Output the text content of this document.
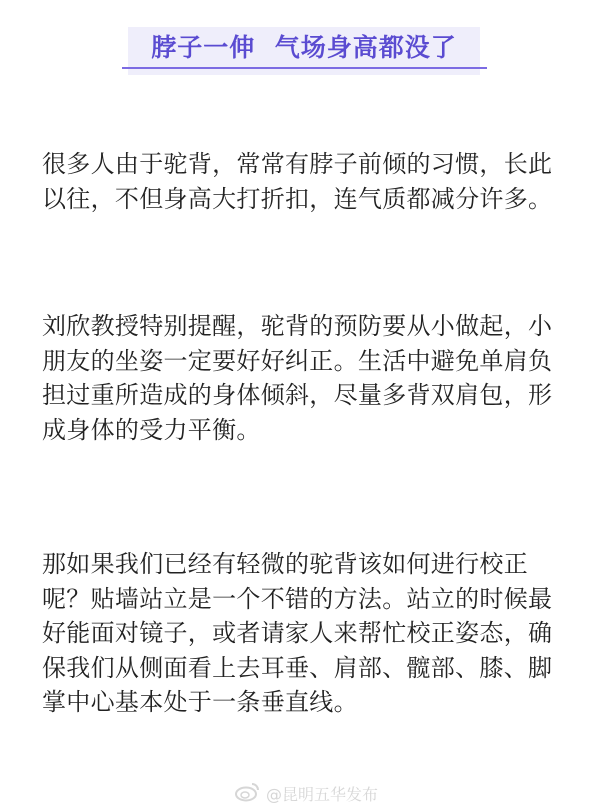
脖子一伸  气场身高都没了

很多人由于驼背，常常有脖子前倾的习惯，长此以往，不但身高大打折扣，连气质都减分许多。

刘欣教授特别提醒，驼背的预防要从小做起，小朋友的坐姿一定要好好纠正。生活中避免单肩负担过重所造成的身体倾斜，尽量多背双肩包，形成身体的受力平衡。

那如果我们已经有轻微的驼背该如何进行校正呢？贴墙站立是一个不错的方法。站立的时候最好能面对镜子，或者请家人来帮忙校正姿态，确保我们从侧面看上去耳垂、肩部、髋部、膝、脚掌中心基本处于一条垂直线。

@昆明五华发布
